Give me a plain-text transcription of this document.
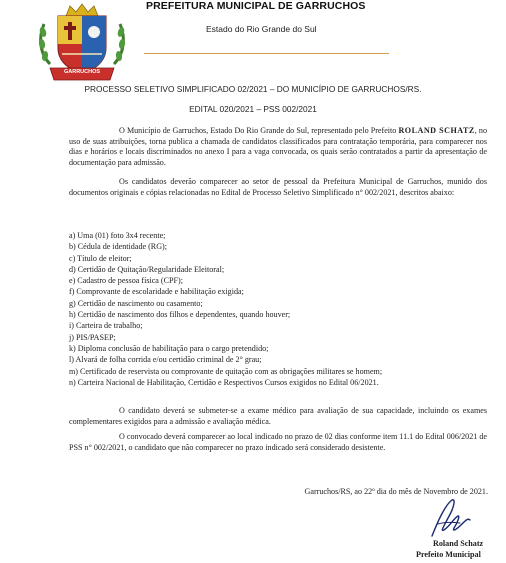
GARRUCHOS
PREFEITURA MUNICIPAL DE GARRUCHOS
Estado do Rio Grande do Sul
PROCESSO SELETIVO SIMPLIFICADO 02/2021 – DO MUNICÍPIO DE GARRUCHOS/RS.
EDITAL 020/2021 – PSS 002/2021
O Município de Garruchos, Estado Do Rio Grande do Sul, representado pelo Prefeito ROLAND SCHATZ, no uso de suas atribuições, torna publica a chamada de candidatos classificados para contratação temporária, para comparecer nos dias e horários e locais discriminados no anexo I para a vaga convocada, os quais serão contratados a partir da apresentação de documentação para admissão.
Os candidatos deverão comparecer ao setor de pessoal da Prefeitura Municipal de Garruchos, munido dos documentos originais e cópias relacionadas no Edital de Processo Seletivo Simplificado n° 002/2021, descritos abaixo:
a) Uma (01) foto 3x4 recente;
b) Cédula de identidade (RG);
c) Título de eleitor;
d) Certidão de Quitação/Regularidade Eleitoral;
e) Cadastro de pessoa física (CPF);
f) Comprovante de escolaridade e habilitação exigida;
g) Certidão de nascimento ou casamento;
h) Certidão de nascimento dos filhos e dependentes, quando houver;
i) Carteira de trabalho;
j) PIS/PASEP;
k) Diploma conclusão de habilitação para o cargo pretendido;
l) Alvará de folha corrida e/ou certidão criminal de 2° grau;
m) Certificado de reservista ou comprovante de quitação com as obrigações militares se homem;
n) Carteira Nacional de Habilitação, Certidão e Respectivos Cursos exigidos no Edital 06/2021.
O candidato deverá se submeter-se a exame médico para avaliação de sua capacidade, incluindo os exames complementares exigidos para a admissão e avaliação médica.
O convocado deverá comparecer ao local indicado no prazo de 02 dias conforme item 11.1 do Edital 006/2021 de PSS n° 002/2021, o candidato que não comparecer no prazo indicado será considerado desistente.
Garruchos/RS, ao 22º dia do mês de Novembro de 2021.
Roland Schatz
Prefeito Municipal
